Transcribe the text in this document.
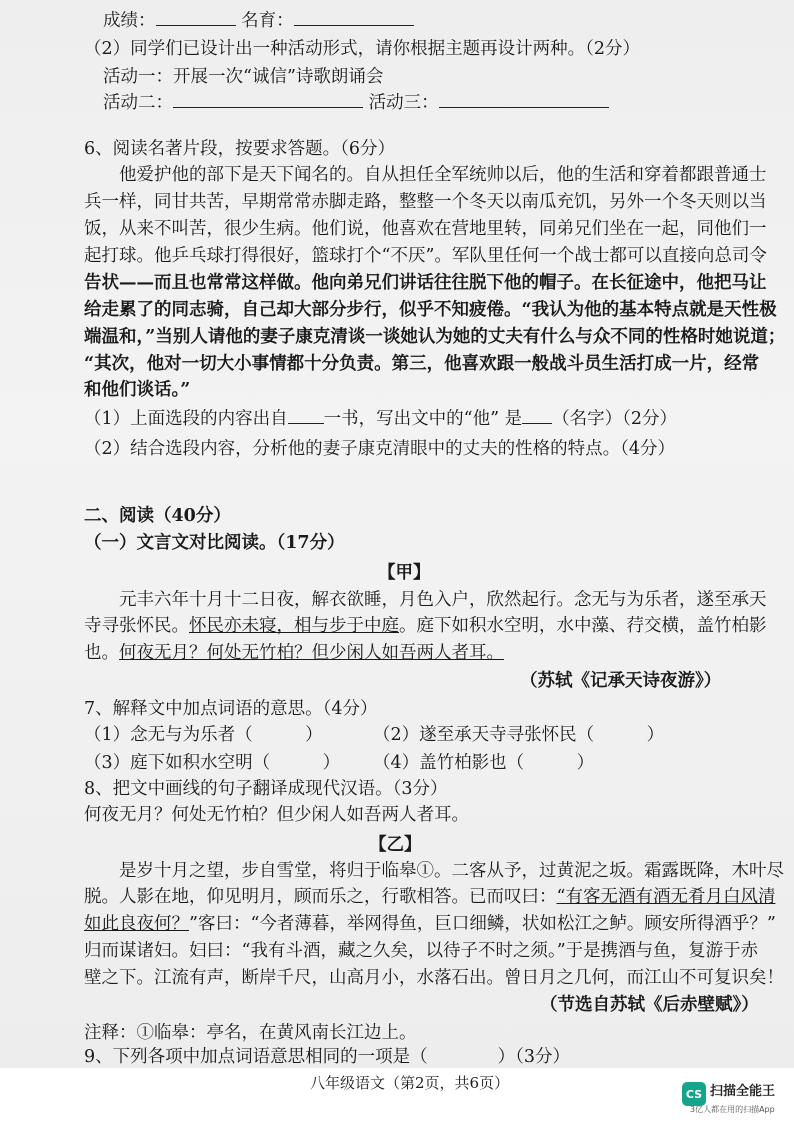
成绩：	名育：
（2）同学们已设计出一种活动形式，请你根据主题再设计两种。（2分）
活动一：开展一次“诚信”诗歌朗诵会
活动二：	活动三：
6、阅读名著片段，按要求答题。（6分）
他爱护他的部下是天下闻名的。自从担任全军统帅以后，他的生活和穿着都跟普通士
兵一样，同甘共苦，早期常常赤脚走路，整整一个冬天以南瓜充饥，另外一个冬天则以当
饭，从来不叫苦，很少生病。他们说，他喜欢在营地里转，同弟兄们坐在一起，同他们一
起打球。他乒乓球打得很好，篮球打个“不厌”。军队里任何一个战士都可以直接向总司令
告状——而且也常常这样做。他向弟兄们讲话往往脱下他的帽子。在长征途中，他把马让
给走累了的同志骑，自己却大部分步行，似乎不知疲倦。“我认为他的基本特点就是天性极
端温和，”当别人请他的妻子康克清谈一谈她认为她的丈夫有什么与众不同的性格时她说道；
“其次，他对一切大小事情都十分负责。第三，他喜欢跟一般战斗员生活打成一片，经常
和他们谈话。”
（1）上面选段的内容出自 一书，写出文中的“他” 是 （名字）（2分）
（2）结合选段内容，分析他的妻子康克清眼中的丈夫的性格的特点。（4分）
二、阅读（40分）
（一）文言文对比阅读。（17分）
【甲】
元丰六年十月十二日夜，解衣欲睡，月色入户，欣然起行。念无与为乐者，遂至承天
寺寻张怀民。怀民亦未寝，相与步于中庭。庭下如积水空明，水中藻、荇交横，盖竹柏影
也。何夜无月？何处无竹柏？但少闲人如吾两人者耳。
（苏轼《记承天诗夜游》）
7、解释文中加点词语的意思。（4分）
（1）念无与为乐者（　　　）	（2）遂至承天寺寻张怀民（　　　）
（3）庭下如积水空明（　　　） （4）盖竹柏影也（　　　）
8、把文中画线的句子翻译成现代汉语。（3分）
何夜无月？何处无竹柏？但少闲人如吾两人者耳。
【乙】
是岁十月之望，步自雪堂，将归于临皋①。二客从予，过黄泥之坂。霜露既降，木叶尽
脱。人影在地，仰见明月，顾而乐之，行歌相答。已而叹曰：“有客无酒有酒无肴月白风清
如此良夜何？”客曰：“今者薄暮，举网得鱼，巨口细鳞，状如松江之鲈。顾安所得酒乎？”
归而谋诸妇。妇曰：“我有斗酒，藏之久矣，以待子不时之须。”于是携酒与鱼，复游于赤
壁之下。江流有声，断岸千尺，山高月小，水落石出。曾日月之几何，而江山不可复识矣！
（节选自苏轼《后赤壁赋》）
注释：①临皋：亭名，在黄风南长江边上。
9、下列各项中加点词语意思相同的一项是（　　　　）（3分）
八年级语文（第2页，共6页）
CS 扫描全能王
3亿人都在用的扫描App
